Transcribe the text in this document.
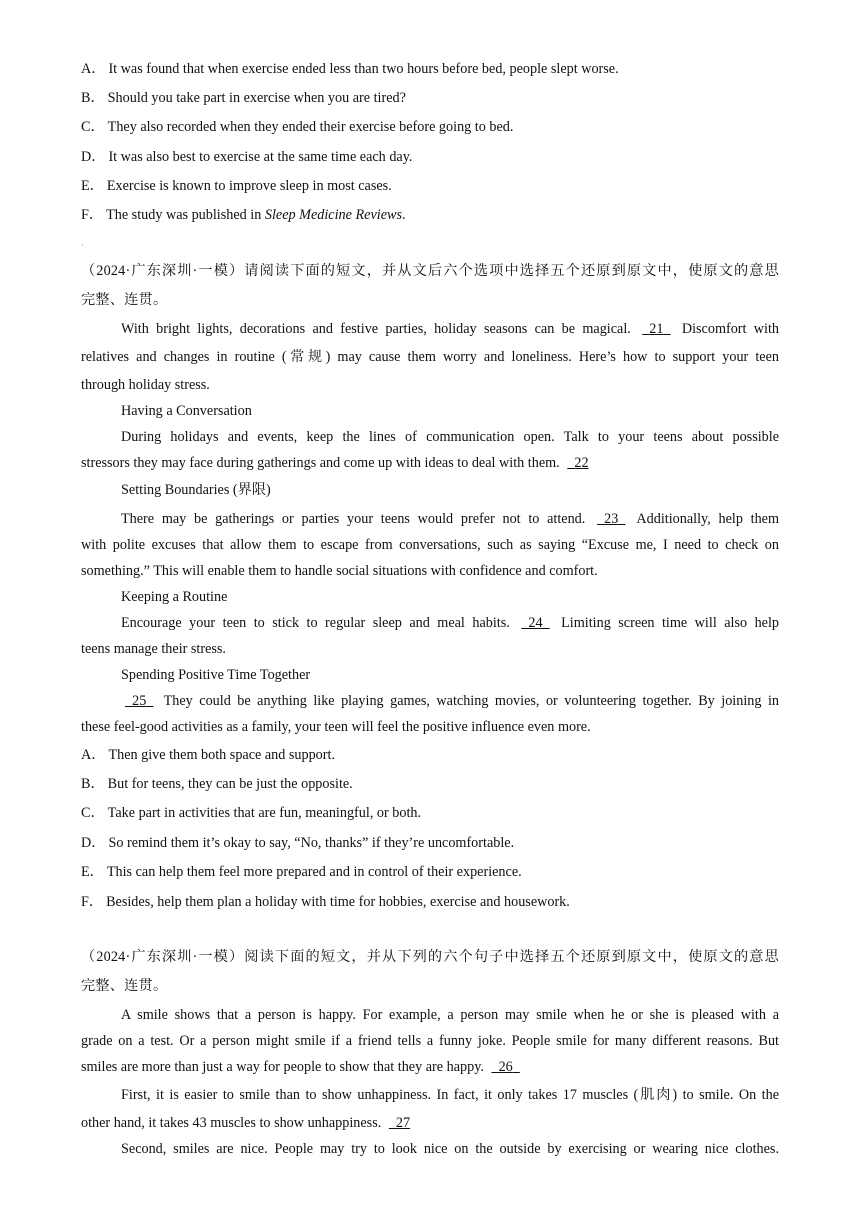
A． It was found that when exercise ended less than two hours before bed, people slept worse.
B． Should you take part in exercise when you are tired?
C． They also recorded when they ended their exercise before going to bed.
D． It was also best to exercise at the same time each day.
E． Exercise is known to improve sleep in most cases.
F． The study was published in Sleep Medicine Reviews.
·
（2024·广东深圳·一模）请阅读下面的短文，并从文后六个选项中选择五个还原到原文中，使原文的意思
完整、连贯。
With bright lights, decorations and festive parties, holiday seasons can be magical. 21 Discomfort with
relatives and changes in routine (常规) may cause them worry and loneliness. Here’s how to support your teen
through holiday stress.
Having a Conversation
During holidays and events, keep the lines of communication open. Talk to your teens about possible
stressors they may face during gatherings and come up with ideas to deal with them. 22
Setting Boundaries (界限)
There may be gatherings or parties your teens would prefer not to attend. 23 Additionally, help them
with polite excuses that allow them to escape from conversations, such as saying “Excuse me, I need to check on
something.” This will enable them to handle social situations with confidence and comfort.
Keeping a Routine
Encourage your teen to stick to regular sleep and meal habits. 24 Limiting screen time will also help
teens manage their stress.
Spending Positive Time Together
25 They could be anything like playing games, watching movies, or volunteering together. By joining in
these feel-good activities as a family, your teen will feel the positive influence even more.
A． Then give them both space and support.
B． But for teens, they can be just the opposite.
C． Take part in activities that are fun, meaningful, or both.
D． So remind them it’s okay to say, “No, thanks” if they’re uncomfortable.
E． This can help them feel more prepared and in control of their experience.
F． Besides, help them plan a holiday with time for hobbies, exercise and housework.
（2024·广东深圳·一模）阅读下面的短文，并从下列的六个句子中选择五个还原到原文中，使原文的意思
完整、连贯。
A smile shows that a person is happy. For example, a person may smile when he or she is pleased with a
grade on a test. Or a person might smile if a friend tells a funny joke. People smile for many different reasons. But
smiles are more than just a way for people to show that they are happy. 26
First, it is easier to smile than to show unhappiness. In fact, it only takes 17 muscles (肌肉) to smile. On the
other hand, it takes 43 muscles to show unhappiness. 27
Second, smiles are nice. People may try to look nice on the outside by exercising or wearing nice clothes.
